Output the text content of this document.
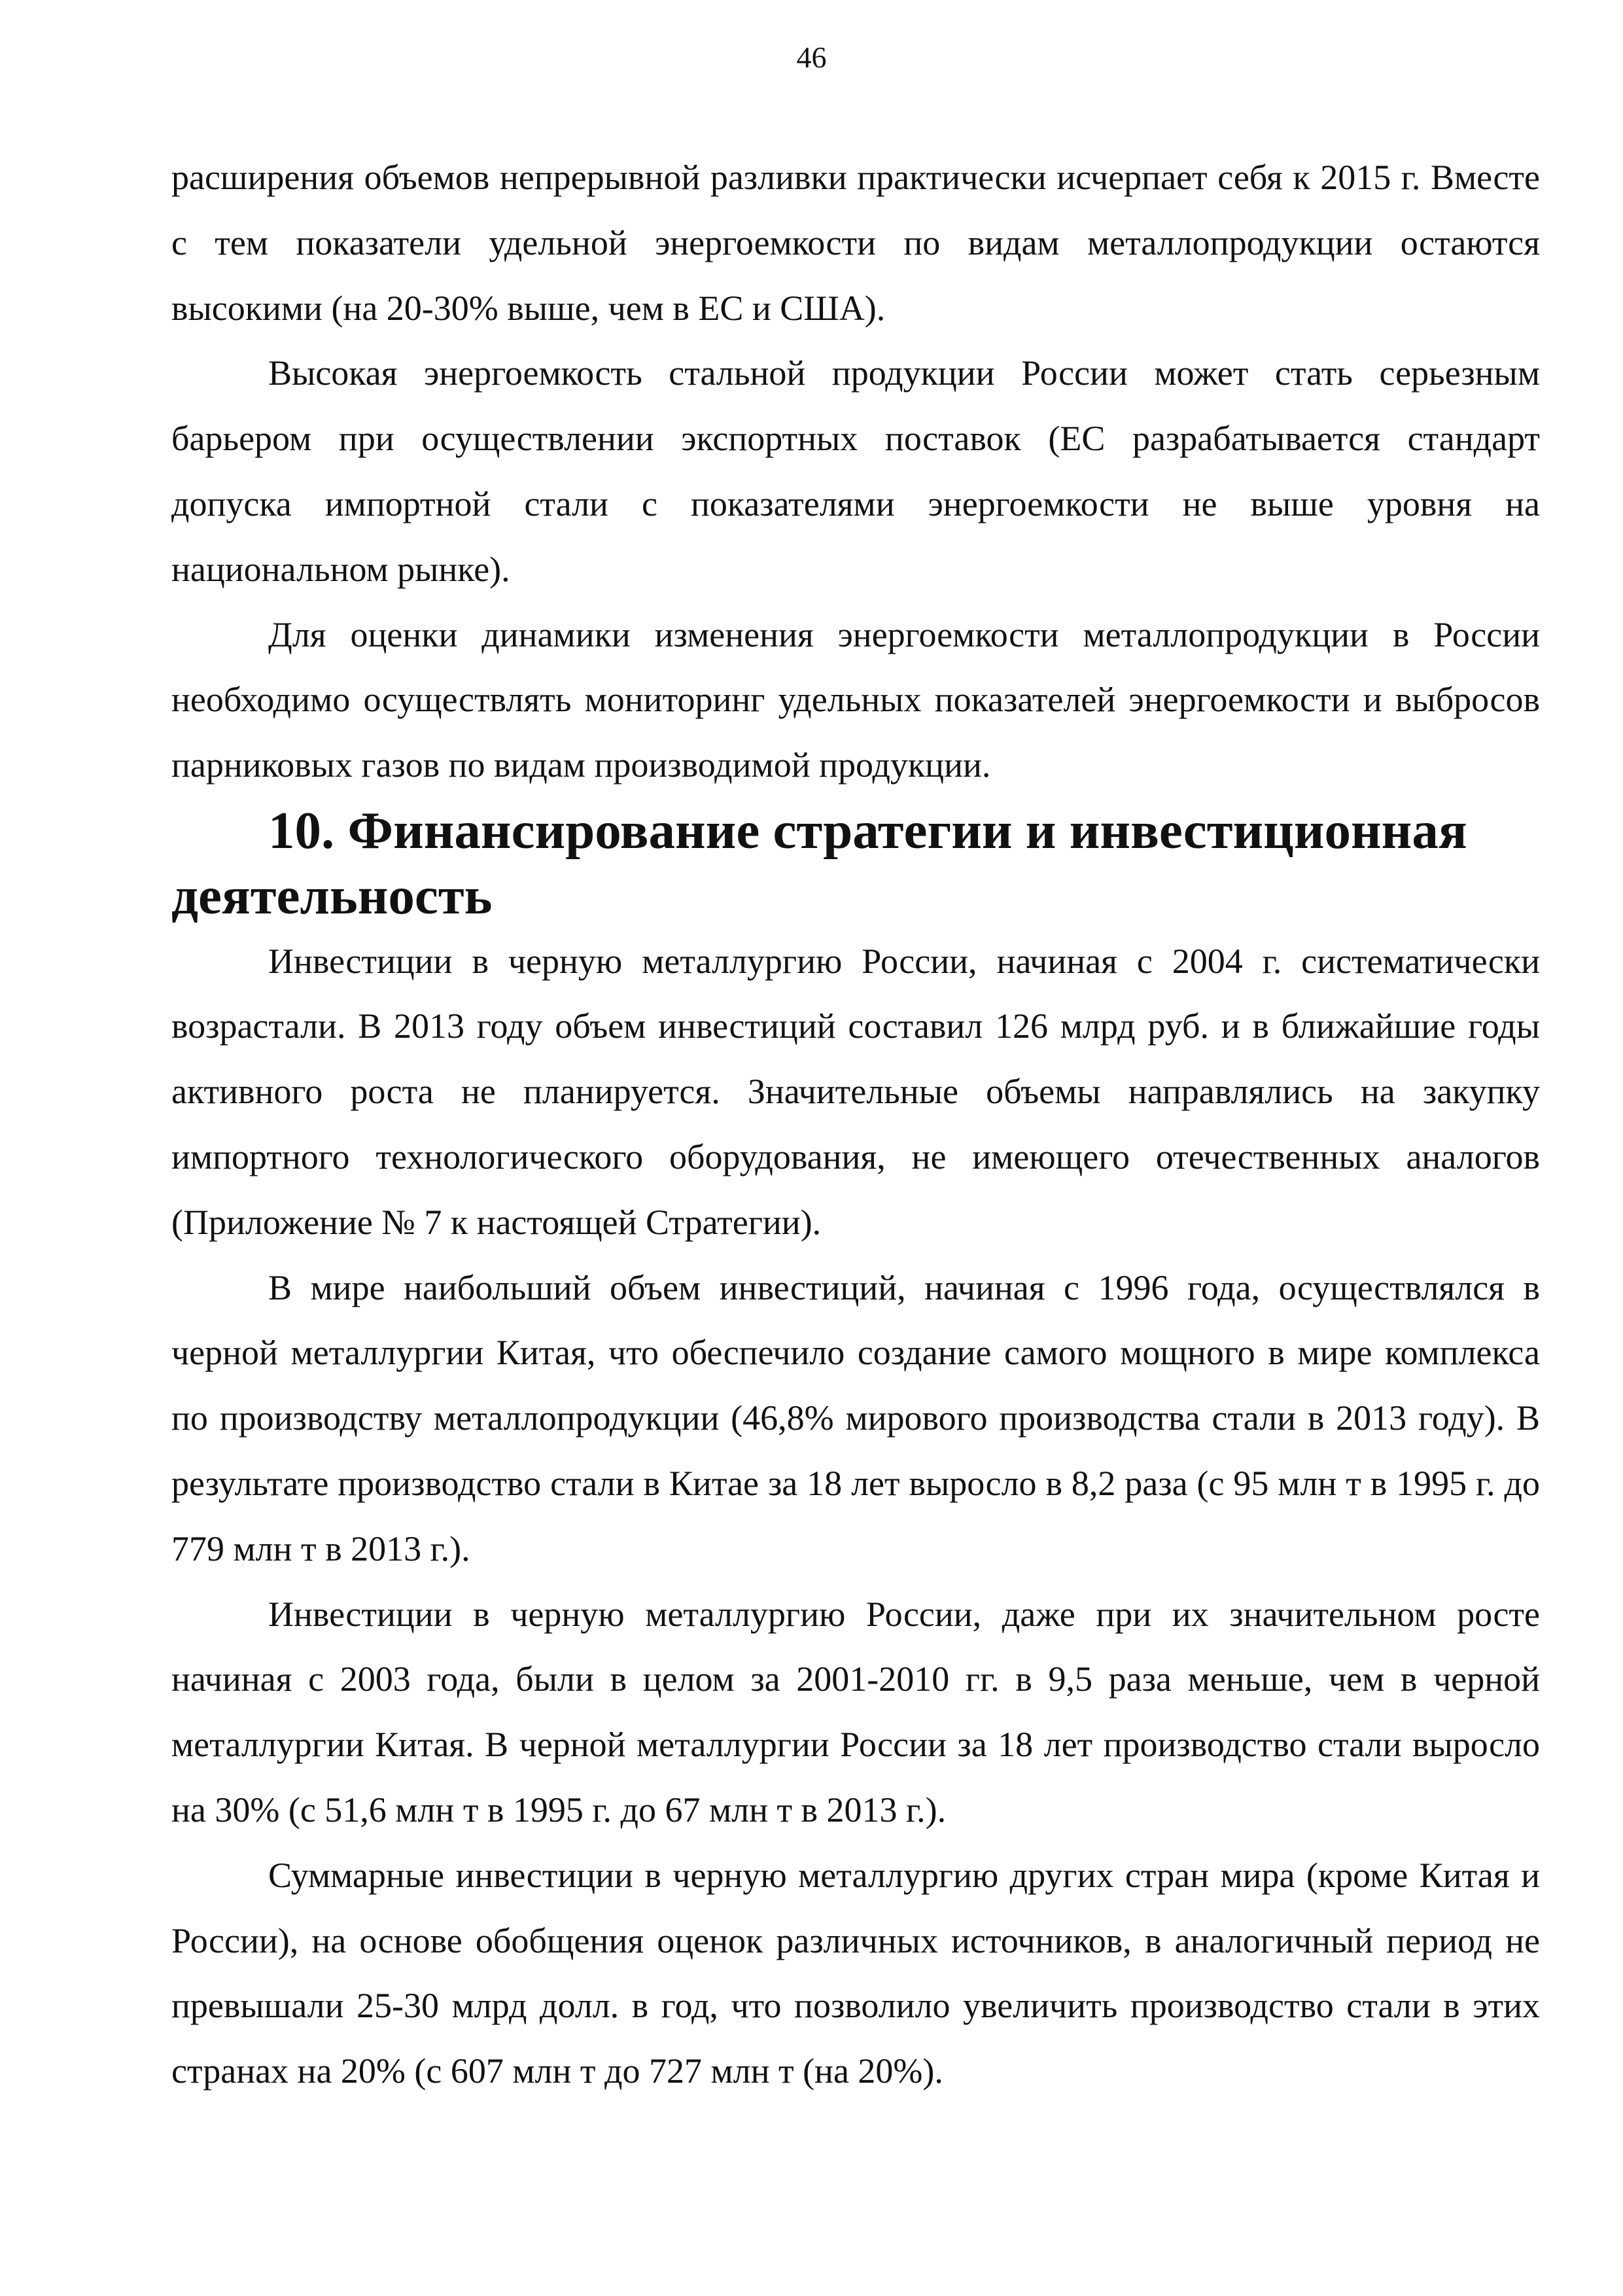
46

расширения объемов непрерывной разливки практически исчерпает себя к 2015 г. Вместе с тем показатели удельной энергоемкости по видам металлопродукции остаются высокими (на 20-30% выше, чем в ЕС и США).

Высокая энергоемкость стальной продукции России может стать серьезным барьером при осуществлении экспортных поставок (ЕС разрабатывается стандарт допуска импортной стали с показателями энергоемкости не выше уровня на национальном рынке).

Для оценки динамики изменения энергоемкости металлопродукции в России необходимо осуществлять мониторинг удельных показателей энергоемкости и выбросов парниковых газов по видам производимой продукции.

10. Финансирование стратегии и инвестиционная деятельность

Инвестиции в черную металлургию России, начиная с 2004 г. систематически возрастали. В 2013 году объем инвестиций составил 126 млрд руб. и в ближайшие годы активного роста не планируется. Значительные объемы направлялись на закупку импортного технологического оборудования, не имеющего отечественных аналогов (Приложение № 7 к настоящей Стратегии).

В мире наибольший объем инвестиций, начиная с 1996 года, осуществлялся в черной металлургии Китая, что обеспечило создание самого мощного в мире комплекса по производству металлопродукции (46,8% мирового производства стали в 2013 году). В результате производство стали в Китае за 18 лет выросло в 8,2 раза (с 95 млн т в 1995 г. до 779 млн т в 2013 г.).

Инвестиции в черную металлургию России, даже при их значительном росте начиная с 2003 года, были в целом за 2001-2010 гг. в 9,5 раза меньше, чем в черной металлургии Китая. В черной металлургии России за 18 лет производство стали выросло на 30% (с 51,6 млн т в 1995 г. до 67 млн т в 2013 г.).

Суммарные инвестиции в черную металлургию других стран мира (кроме Китая и России), на основе обобщения оценок различных источников, в аналогичный период не превышали 25-30 млрд долл. в год, что позволило увеличить производство стали в этих странах на 20% (с 607 млн т до 727 млн т (на 20%).
